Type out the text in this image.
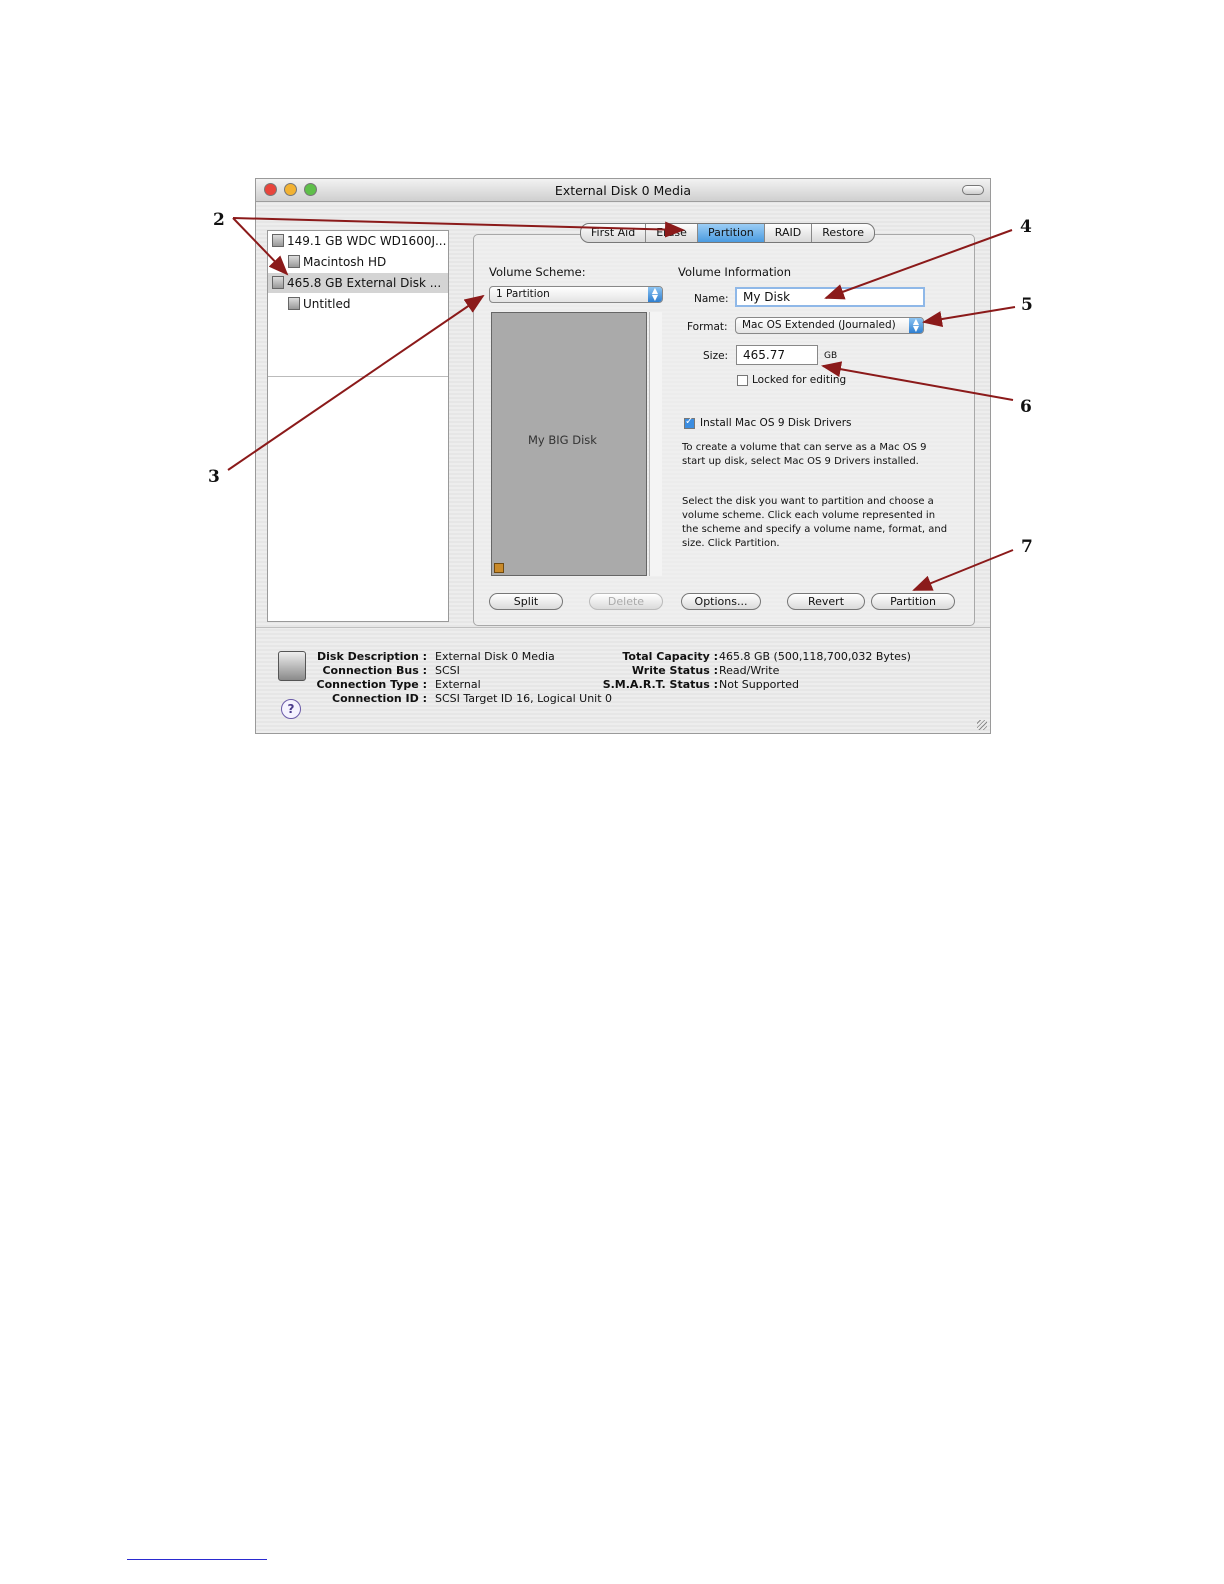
External Disk 0 Media
149.1 GB WDC WD1600J...
Macintosh HD
465.8 GB External Disk ...
Untitled
First Aid	Erase	Partition	RAID	Restore
Volume Scheme:
1 Partition	▲
▼
My BIG Disk
Volume Information
Name:	My Disk
Format:	Mac OS Extended (Journaled)	▲
▼
Size:	465.77	GB
Locked for editing
✓
Install Mac OS 9 Disk Drivers
To create a volume that can serve as a Mac OS 9 start up disk, select Mac OS 9 Drivers installed.
Select the disk you want to partition and choose a volume scheme. Click each volume represented in the scheme and specify a volume name, format, and size. Click Partition.
Split	Delete	Options...	Revert	Partition
?
Disk Description : External Disk 0 Media
Connection Bus : SCSI
Connection Type : External
Connection ID : SCSI Target ID 16, Logical Unit 0
Total Capacity : 465.8 GB (500,118,700,032 Bytes)
Write Status : Read/Write
S.M.A.R.T. Status : Not Supported
2
3
4
5
6
7
